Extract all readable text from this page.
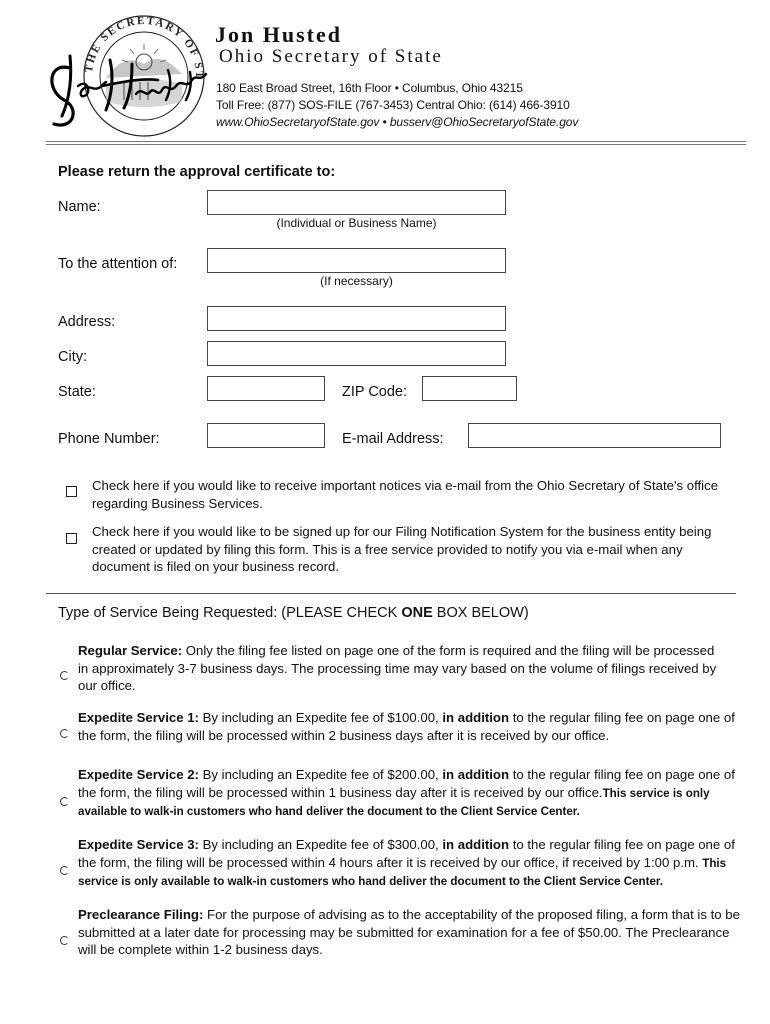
THE SECRETARY OF ST
Jon Husted
Ohio Secretary of State
180 East Broad Street, 16th Floor • Columbus, Ohio 43215
Toll Free: (877) SOS-FILE (767-3453) Central Ohio: (614) 466-3910
www.OhioSecretaryofState.gov • busserv@OhioSecretaryofState.gov
Please return the approval certificate to:
Name:
(Individual or Business Name)
To the attention of:
(If necessary)
Address:
City:
State:	ZIP Code:
Phone Number:	E-mail Address:
Check here if you would like to receive important notices via e-mail from the Ohio Secretary of State's office regarding Business Services.
Check here if you would like to be signed up for our Filing Notification System for the business entity being created or updated by filing this form. This is a free service provided to notify you via e-mail when any document is filed on your business record.
Type of Service Being Requested: (PLEASE CHECK ONE BOX BELOW)
Regular Service: Only the filing fee listed on page one of the form is required and the filing will be processed in approximately 3-7 business days. The processing time may vary based on the volume of filings received by our office.
Expedite Service 1: By including an Expedite fee of $100.00, in addition to the regular filing fee on page one of the form, the filing will be processed within 2 business days after it is received by our office.
Expedite Service 2: By including an Expedite fee of $200.00, in addition to the regular filing fee on page one of the form, the filing will be processed within 1 business day after it is received by our office.This service is only available to walk-in customers who hand deliver the document to the Client Service Center.
Expedite Service 3: By including an Expedite fee of $300.00, in addition to the regular filing fee on page one of the form, the filing will be processed within 4 hours after it is received by our office, if received by 1:00 p.m. This service is only available to walk-in customers who hand deliver the document to the Client Service Center.
Preclearance Filing: For the purpose of advising as to the acceptability of the proposed filing, a form that is to be submitted at a later date for processing may be submitted for examination for a fee of $50.00. The Preclearance will be complete within 1-2 business days.
